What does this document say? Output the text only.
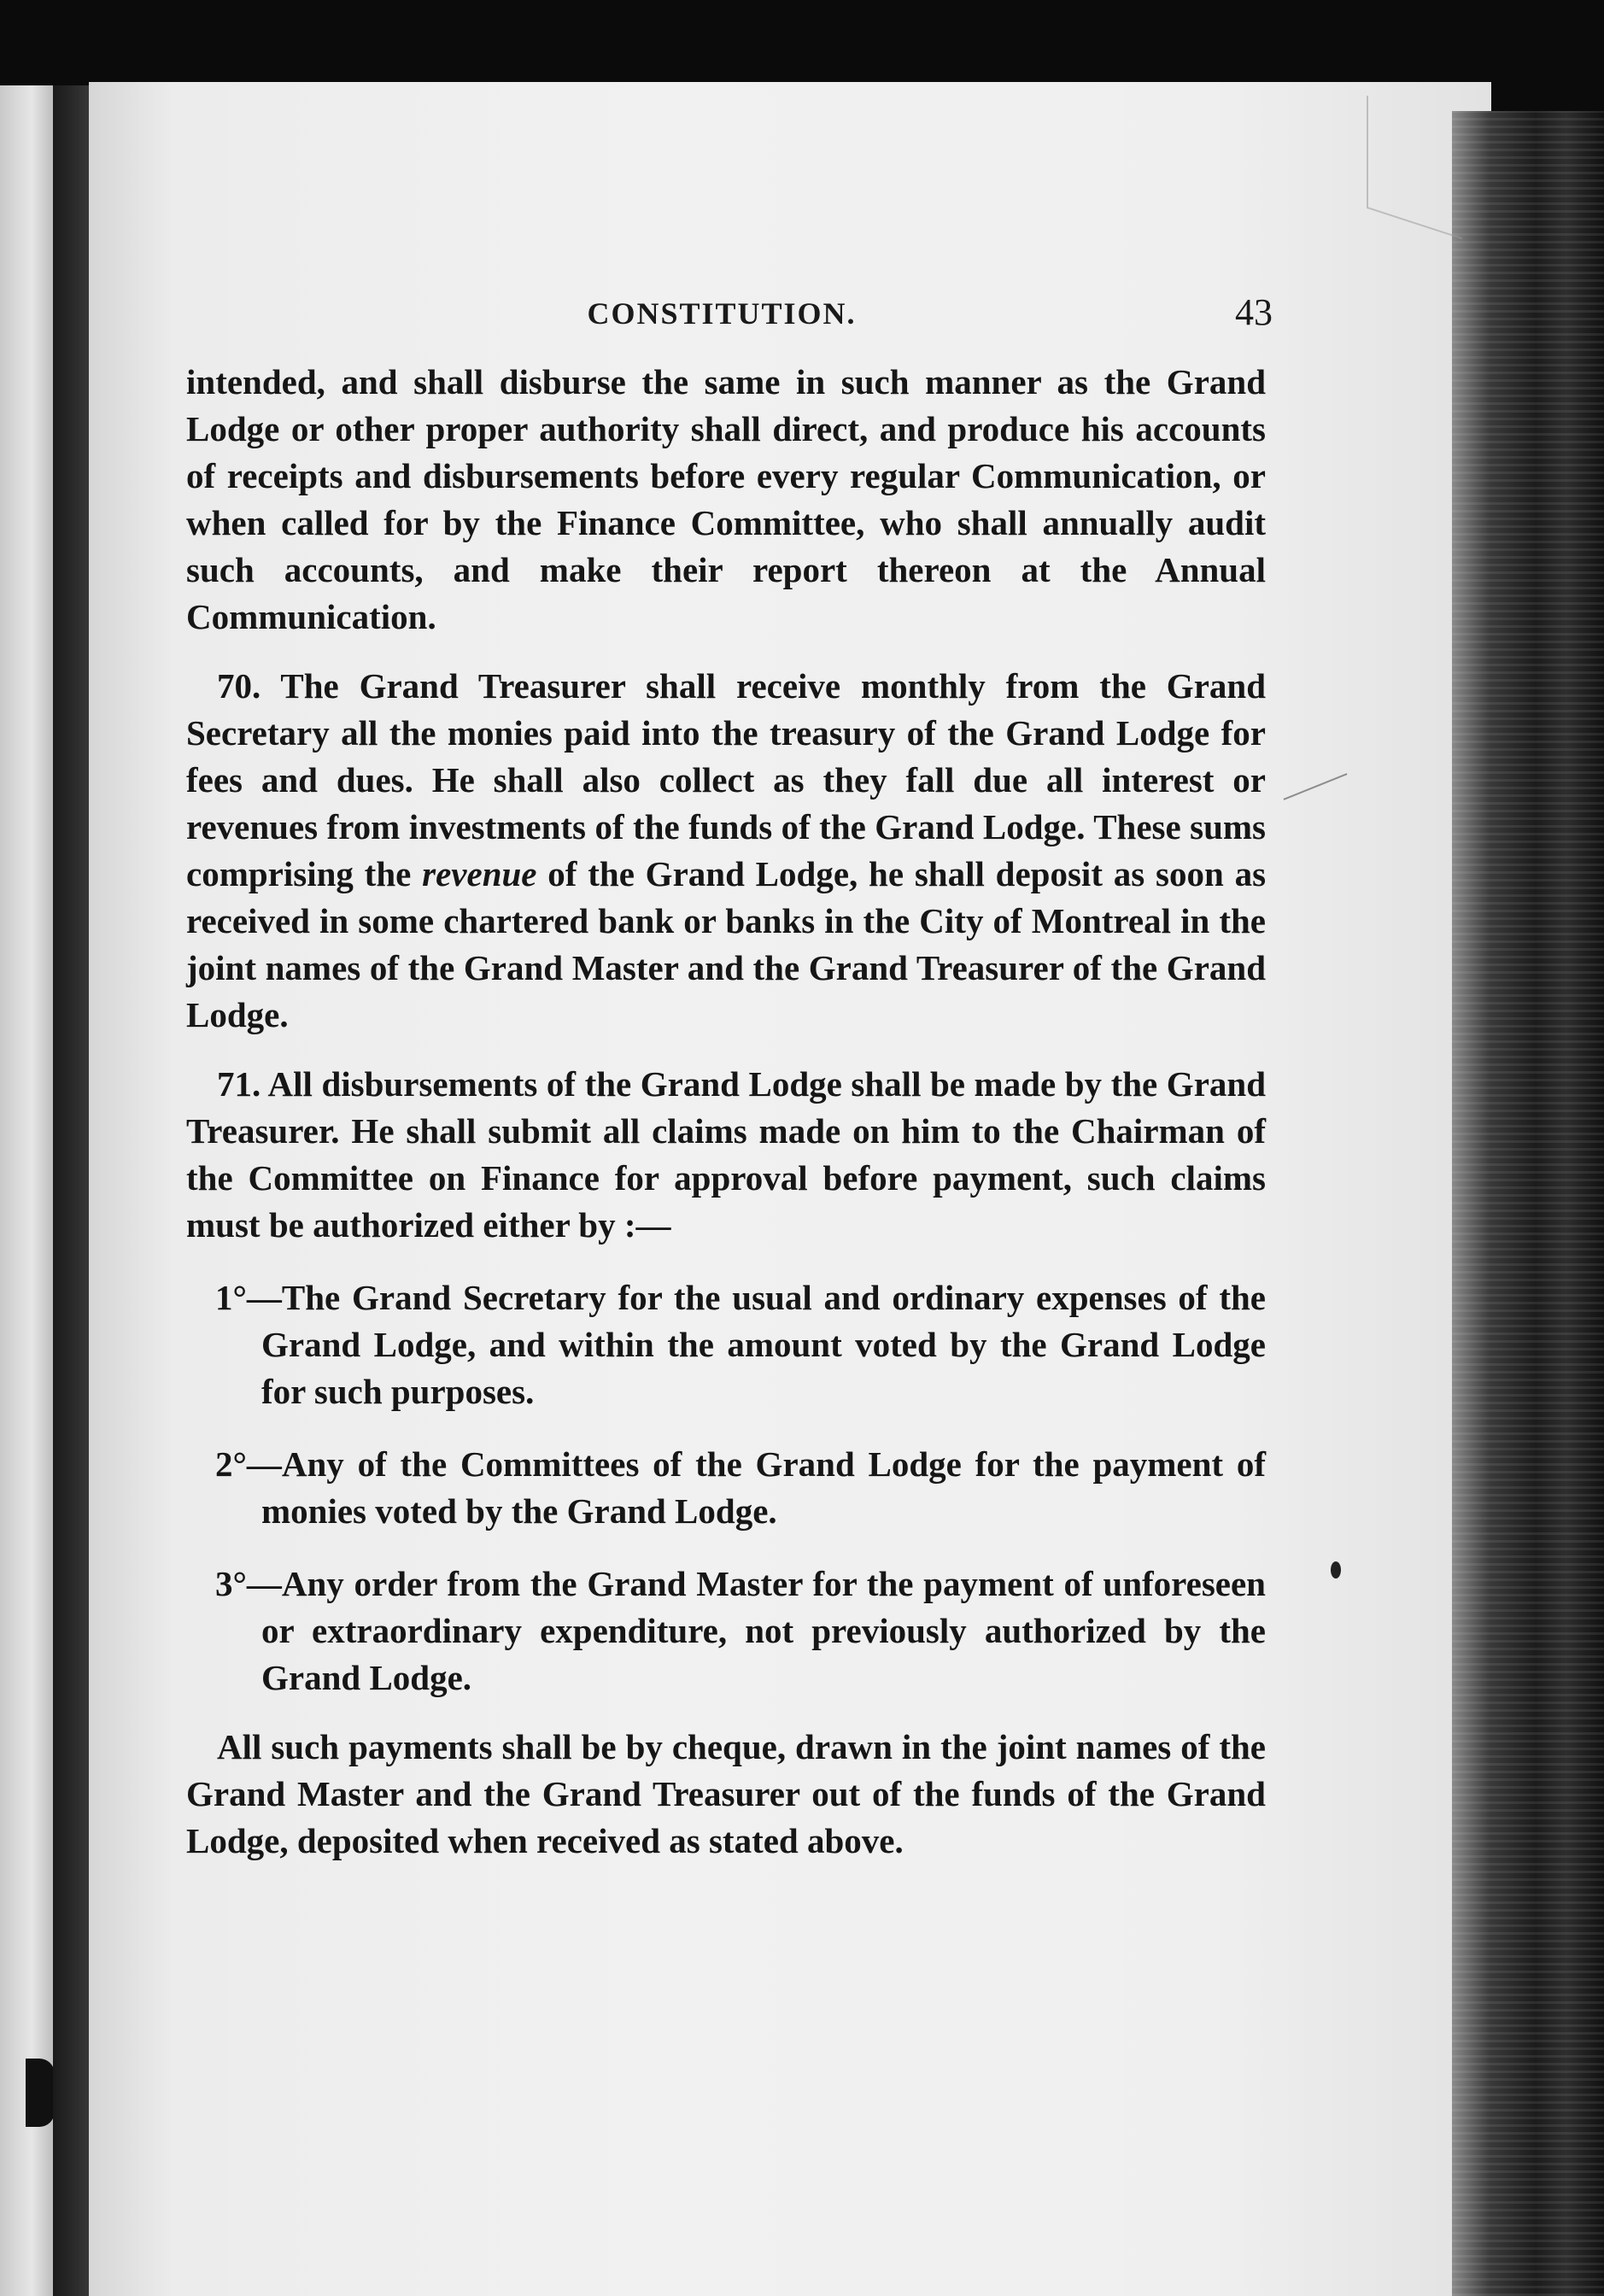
CONSTITUTION.	43

intended, and shall disburse the same in such manner as the Grand Lodge or other proper authority shall direct, and produce his accounts of receipts and disbursements before every regular Communication, or when called for by the Finance Committee, who shall annually audit such accounts, and make their report thereon at the Annual Communication.

70. The Grand Treasurer shall receive monthly from the Grand Secretary all the monies paid into the treasury of the Grand Lodge for fees and dues. He shall also collect as they fall due all interest or revenues from investments of the funds of the Grand Lodge. These sums comprising the revenue of the Grand Lodge, he shall deposit as soon as received in some chartered bank or banks in the City of Montreal in the joint names of the Grand Master and the Grand Treasurer of the Grand Lodge.

71. All disbursements of the Grand Lodge shall be made by the Grand Treasurer. He shall submit all claims made on him to the Chairman of the Committee on Finance for approval before payment, such claims must be authorized either by :—

1°—The Grand Secretary for the usual and ordinary expenses of the Grand Lodge, and within the amount voted by the Grand Lodge for such purposes.

2°—Any of the Committees of the Grand Lodge for the payment of monies voted by the Grand Lodge.

3°—Any order from the Grand Master for the payment of unforeseen or extraordinary expenditure, not previously authorized by the Grand Lodge.

All such payments shall be by cheque, drawn in the joint names of the Grand Master and the Grand Treasurer out of the funds of the Grand Lodge, deposited when received as stated above.
